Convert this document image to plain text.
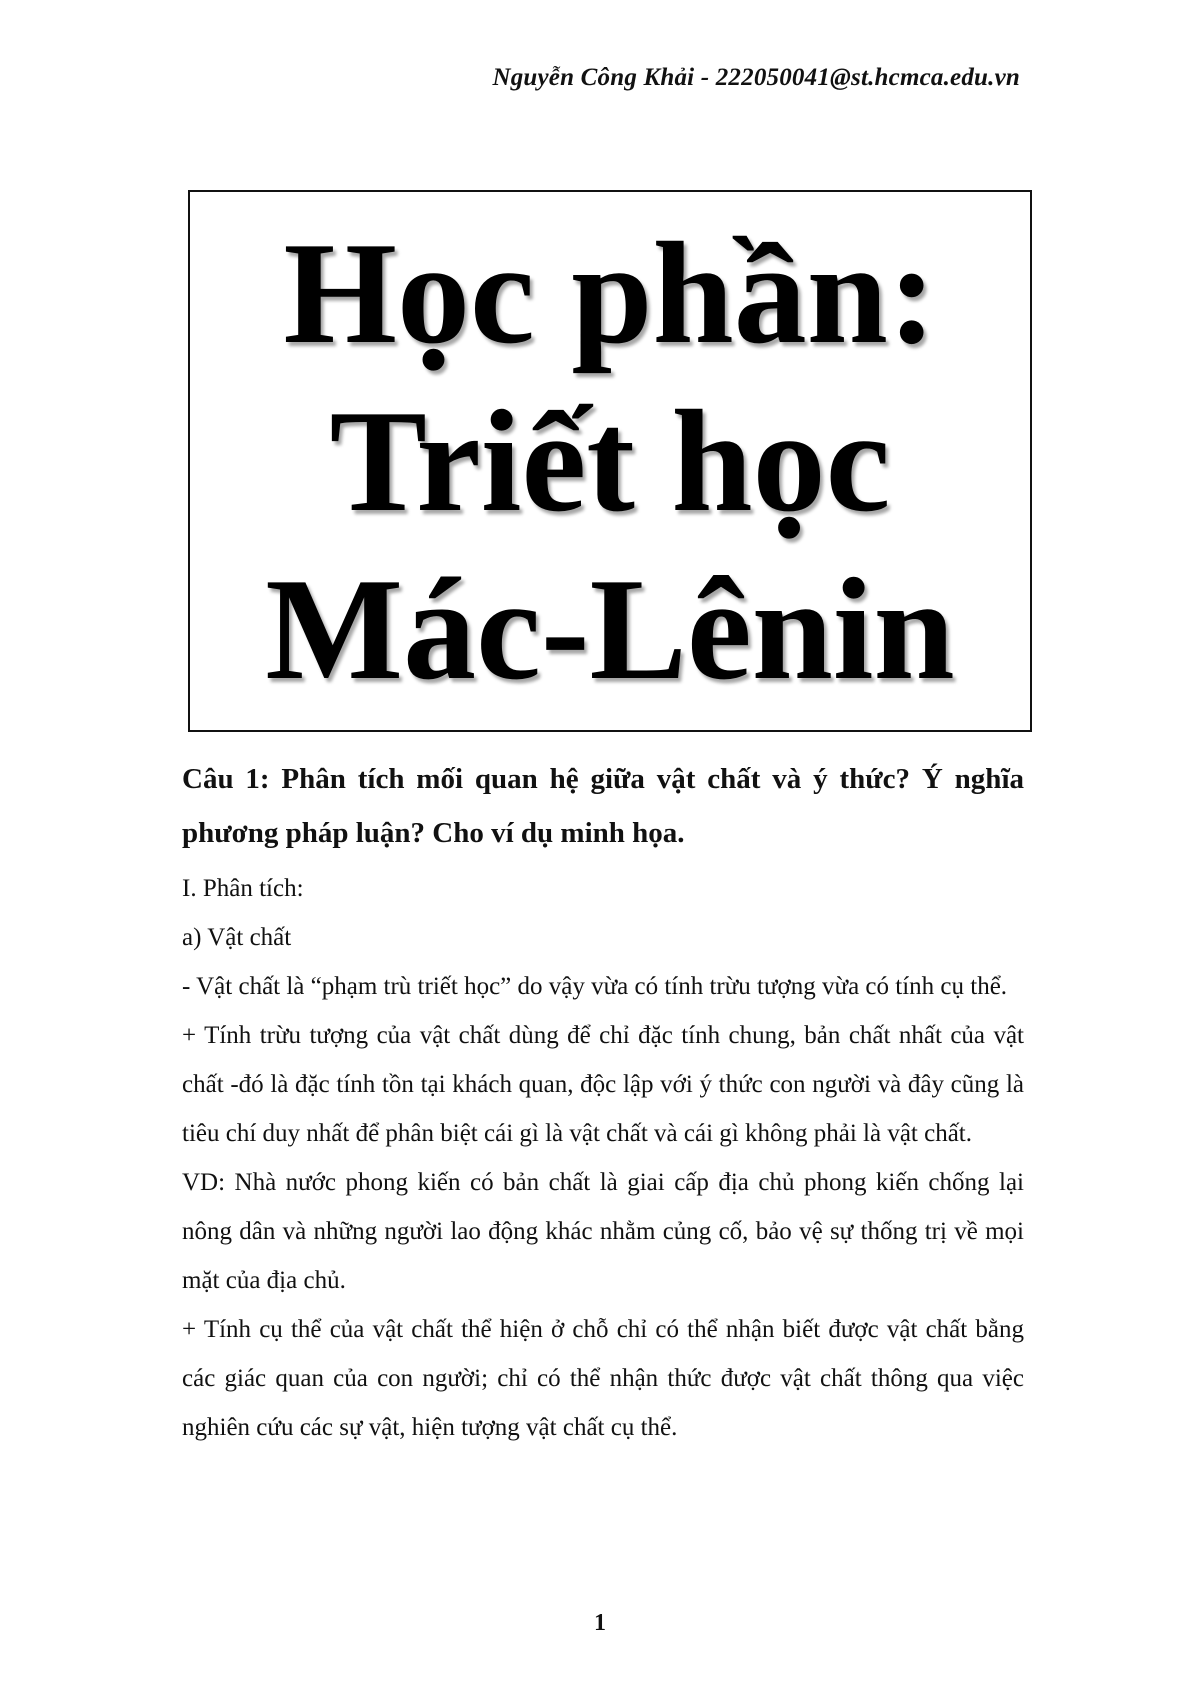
Nguyễn Công Khải - 222050041@st.hcmca.edu.vn
Học phần:
Triết học
Mác-Lênin

Câu 1: Phân tích mối quan hệ giữa vật chất và ý thức? Ý nghĩa phương pháp luận? Cho ví dụ minh họa.

I. Phân tích:

a) Vật chất

- Vật chất là “phạm trù triết học” do vậy vừa có tính trừu tượng vừa có tính cụ thể.

+ Tính trừu tượng của vật chất dùng để chỉ đặc tính chung, bản chất nhất của vật chất -đó là đặc tính tồn tại khách quan, độc lập với ý thức con người và đây cũng là tiêu chí duy nhất để phân biệt cái gì là vật chất và cái gì không phải là vật chất.

VD: Nhà nước phong kiến có bản chất là giai cấp địa chủ phong kiến chống lại nông dân và những người lao động khác nhằm củng cố, bảo vệ sự thống trị về mọi mặt của địa chủ.

+ Tính cụ thể của vật chất thể hiện ở chỗ chỉ có thể nhận biết được vật chất bằng các giác quan của con người; chỉ có thể nhận thức được vật chất thông qua việc nghiên cứu các sự vật, hiện tượng vật chất cụ thể.

1
